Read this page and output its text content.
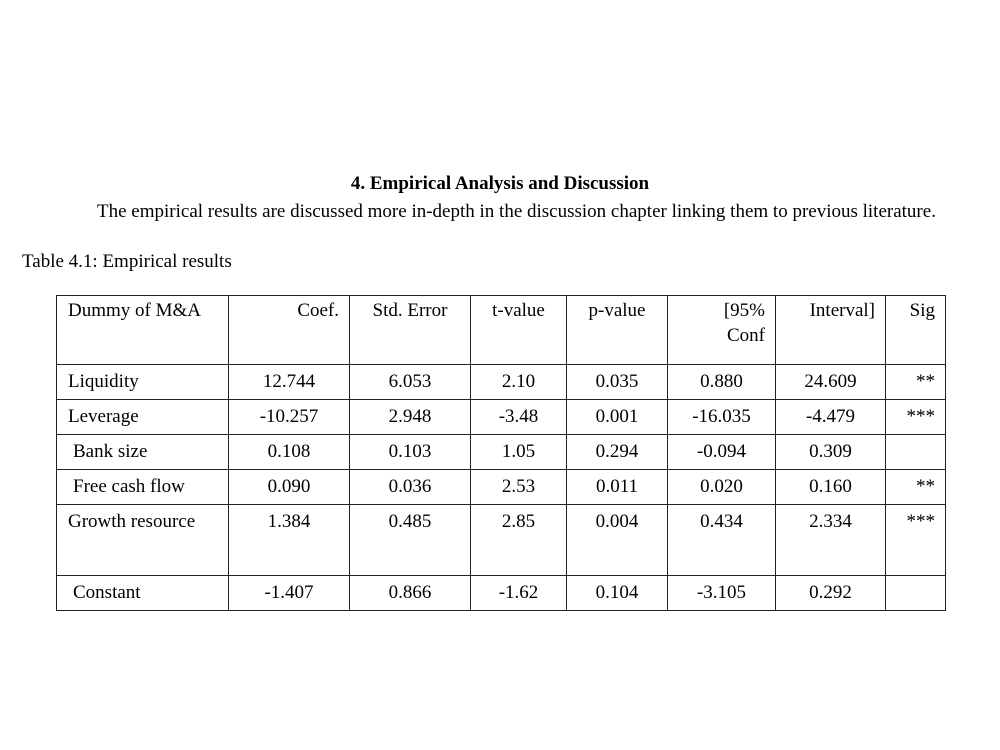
4. Empirical Analysis and Discussion
The empirical results are discussed more in-depth in the discussion chapter linking them to previous literature.
Table 4.1: Empirical results
Dummy of M&A	Coef.	Std. Error	t-value	p-value	[95% Conf	Interval]	Sig
Liquidity	12.744	6.053	2.10	0.035	0.880	24.609	**
Leverage	-10.257	2.948	-3.48	0.001	-16.035	-4.479	***
Bank size	0.108	0.103	1.05	0.294	-0.094	0.309	
Free cash flow	0.090	0.036	2.53	0.011	0.020	0.160	**
Growth resource	1.384	0.485	2.85	0.004	0.434	2.334	***
Constant	-1.407	0.866	-1.62	0.104	-3.105	0.292	
